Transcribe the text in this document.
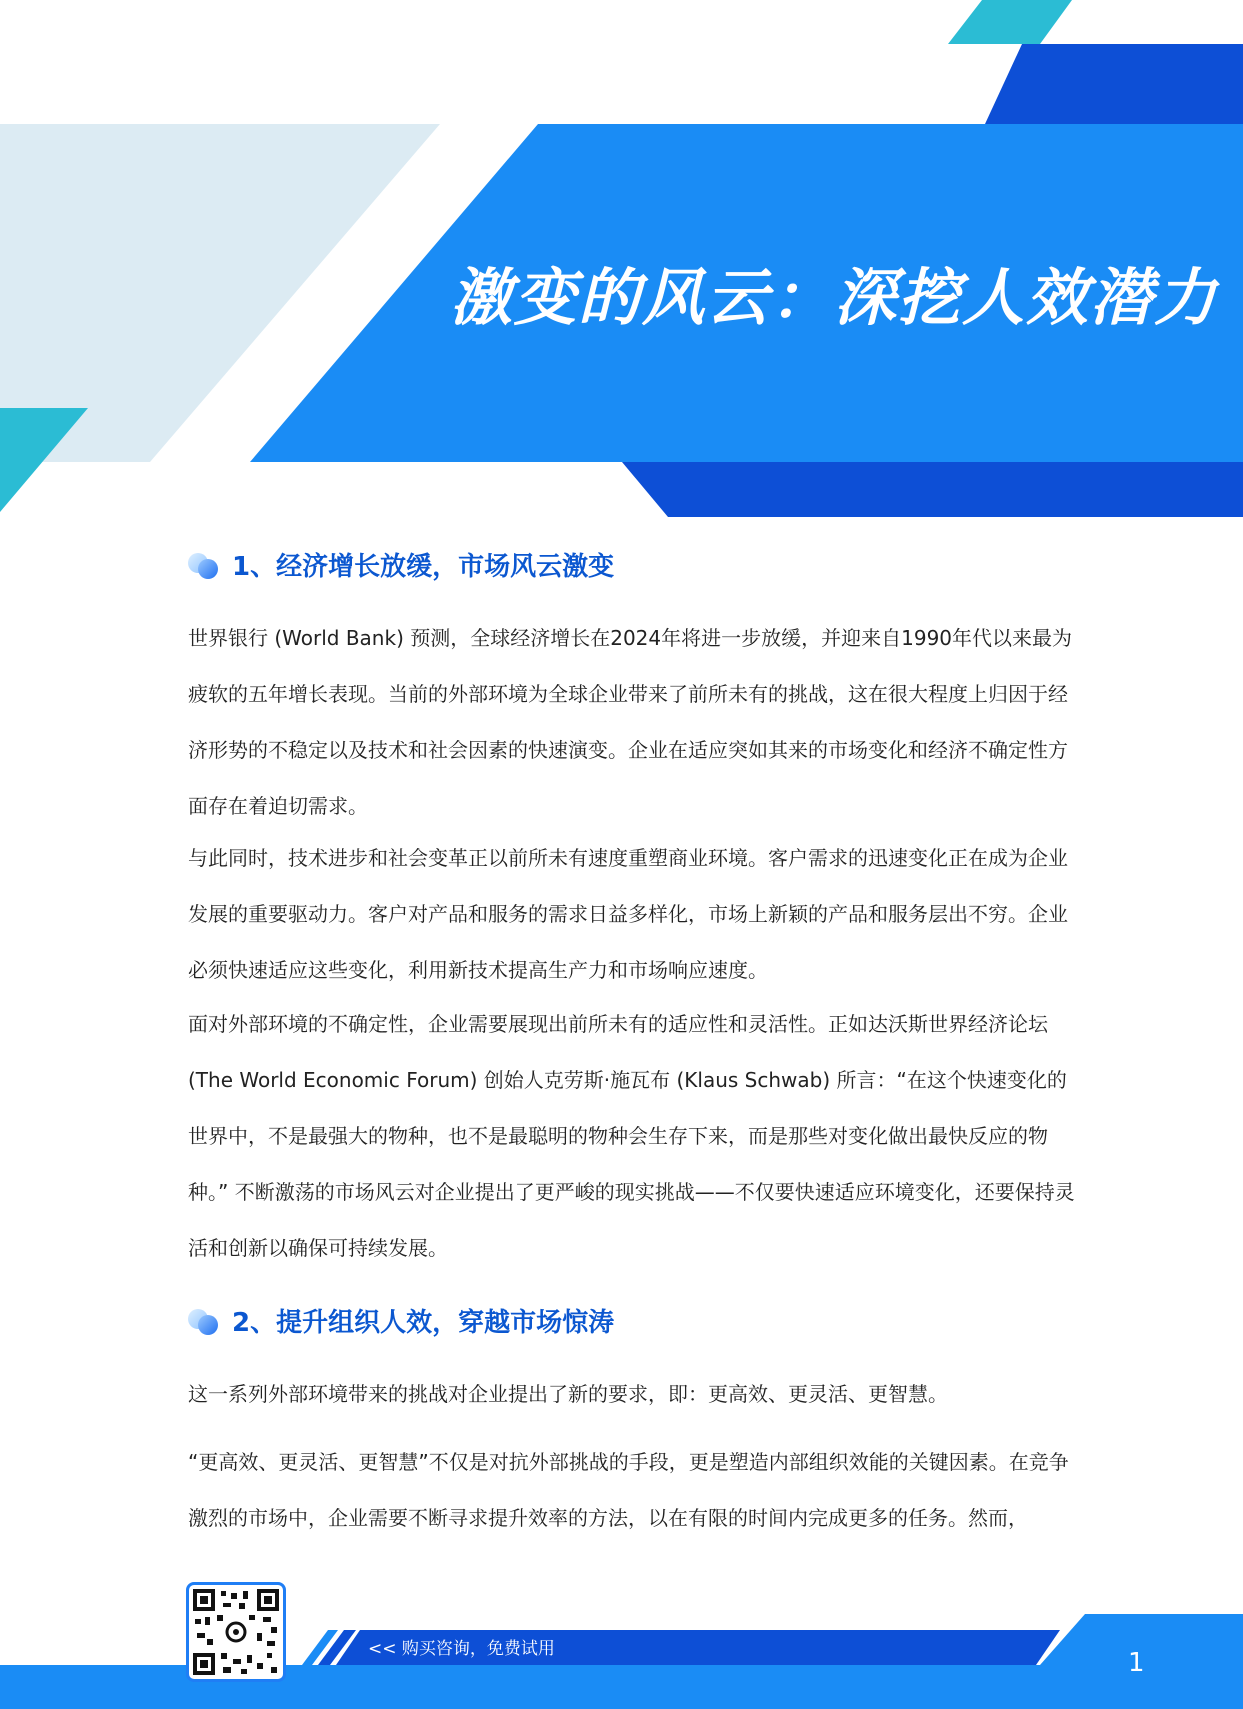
激变的风云：深挖人效潜力
1、经济增长放缓，市场风云激变

世界银行 (World Bank) 预测，全球经济增长在2024年将进一步放缓，并迎来自1990年代以来最为疲软的五年增长表现。当前的外部环境为全球企业带来了前所未有的挑战，这在很大程度上归因于经济形势的不稳定以及技术和社会因素的快速演变。企业在适应突如其来的市场变化和经济不确定性方面存在着迫切需求。

与此同时，技术进步和社会变革正以前所未有速度重塑商业环境。客户需求的迅速变化正在成为企业发展的重要驱动力。客户对产品和服务的需求日益多样化，市场上新颖的产品和服务层出不穷。企业必须快速适应这些变化，利用新技术提高生产力和市场响应速度。

面对外部环境的不确定性，企业需要展现出前所未有的适应性和灵活性。正如达沃斯世界经济论坛(The World Economic Forum) 创始人克劳斯·施瓦布 (Klaus Schwab) 所言：“在这个快速变化的世界中，不是最强大的物种，也不是最聪明的物种会生存下来，而是那些对变化做出最快反应的物种。” 不断激荡的市场风云对企业提出了更严峻的现实挑战——不仅要快速适应环境变化，还要保持灵活和创新以确保可持续发展。

2、提升组织人效，穿越市场惊涛

这一系列外部环境带来的挑战对企业提出了新的要求，即：更高效、更灵活、更智慧。

“更高效、更灵活、更智慧”不仅是对抗外部挑战的手段，更是塑造内部组织效能的关键因素。在竞争激烈的市场中，企业需要不断寻求提升效率的方法，以在有限的时间内完成更多的任务。然而，

<< 购买咨询，免费试用	1
